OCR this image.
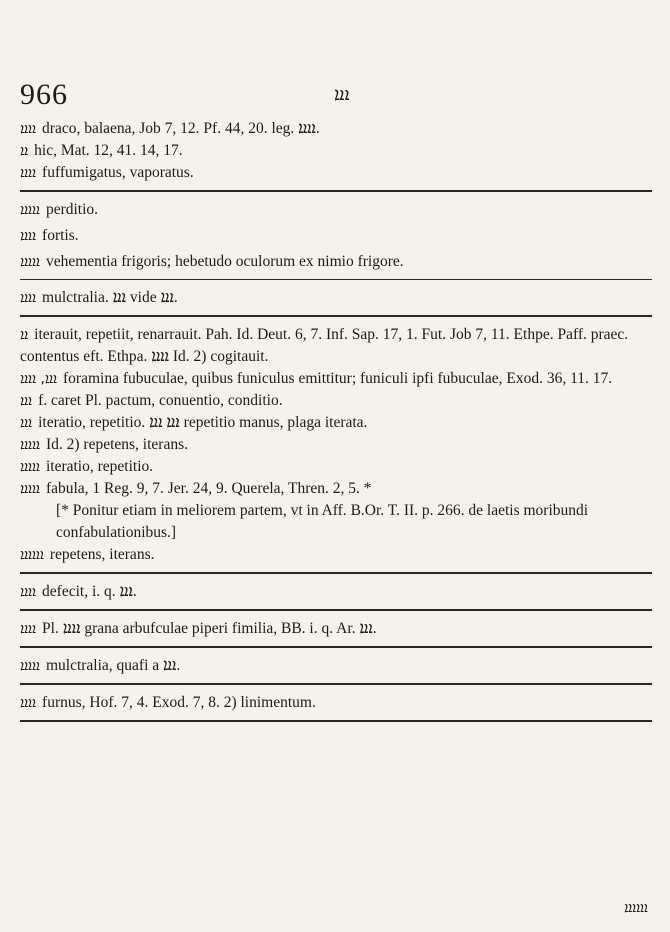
966	ܐܐܐ
ܐܐܐܐ draco, balaena, Job 7, 12. Pf. 44, 20. leg. ܐܐܐܐ.
ܐܐ hic, Mat. 12, 41. 14, 17.
ܐܐܐܐ fuffumigatus, vaporatus.
ܐܐܐܐܐ perditio.
ܐܐܐܐ fortis.
ܐܐܐܐܐ vehementia frigoris; hebetudo oculorum ex nimio frigore.
ܐܐܐܐ mulctralia. ܐܐܐ vide ܐܐܐ.
ܐܐ iterauit, repetiit, renarrauit. Pah. Id. Deut. 6, 7. Inf. Sap. 17, 1. Fut. Job 7, 11. Ethpe. Paff. praec. contentus eft. Ethpa. ܐܐܐܐ Id. 2) cogitauit.
ܐܐܐ, ܐܐܐܐ foramina fubuculae, quibus funiculus emittitur; funiculi ipfi fubuculae, Exod. 36, 11. 17.
ܐܐܐ f. caret Pl. pactum, conuentio, conditio.
ܐܐܐ iteratio, repetitio. ܐܐܐ ܐܐܐ repetitio manus, plaga iterata.
ܐܐܐܐܐ Id. 2) repetens, iterans.
ܐܐܐܐܐ iteratio, repetitio.
ܐܐܐܐܐ fabula, 1 Reg. 9, 7. Jer. 24, 9. Querela, Thren. 2, 5. *
[* Ponitur etiam in meliorem partem, vt in Aff. B.Or. T. II. p. 266. de laetis moribundi confabulationibus.]
ܐܐܐܐܐܐ repetens, iterans.
ܐܐܐܐ defecit, i. q. ܐܐܐ.
ܐܐܐܐ Pl. ܐܐܐܐ grana arbufculae piperi fimilia, BB. i. q. Ar. ܐܐܐ.
ܐܐܐܐܐ mulctralia, quafi a ܐܐܐ.
ܐܐܐܐ furnus, Hof. 7, 4. Exod. 7, 8. 2) linimentum.
ܐܐܐܐܐܐ
